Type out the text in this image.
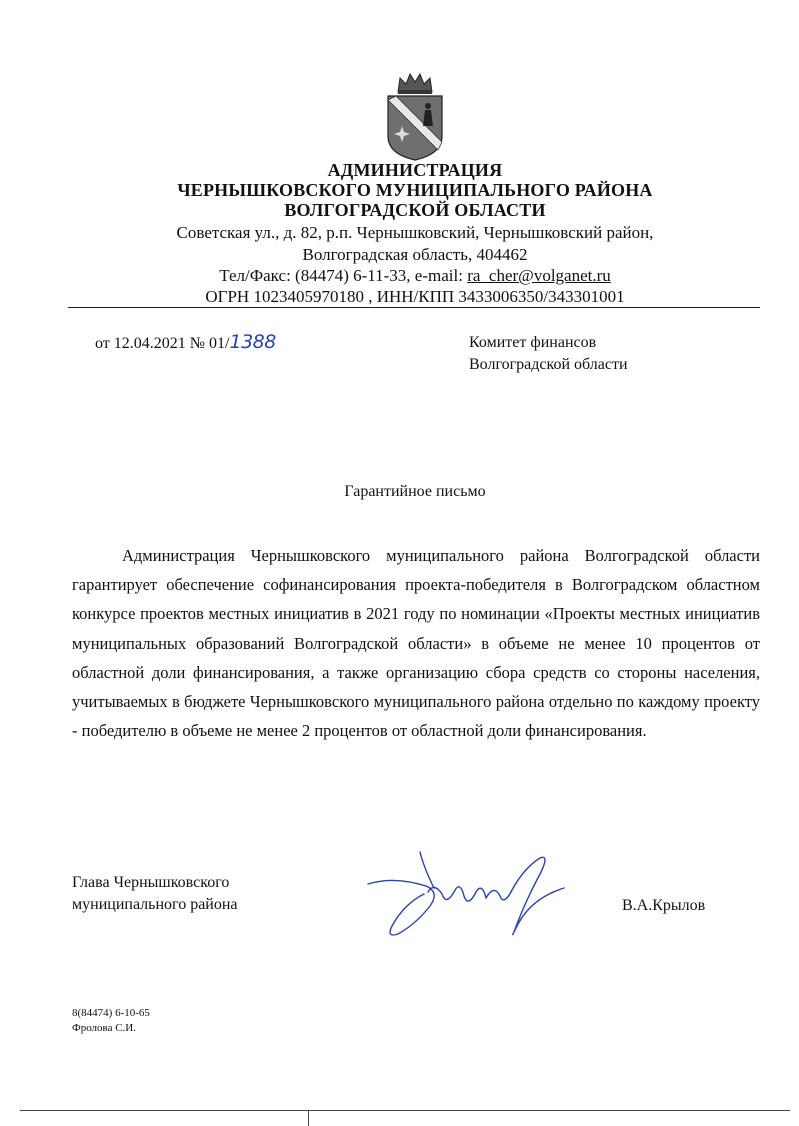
АДМИНИСТРАЦИЯ
ЧЕРНЫШКОВСКОГО МУНИЦИПАЛЬНОГО РАЙОНА
ВОЛГОГРАДСКОЙ ОБЛАСТИ
Советская ул., д. 82, р.п. Чернышковский, Чернышковский район,
Волгоградская область, 404462
Тел/Факс: (84474) 6-11-33, e-mail: ra_cher@volganet.ru
ОГРН 1023405970180 , ИНН/КПП 3433006350/343301001
от 12.04.2021 № 01/1388	Комитет финансов
Волгоградской области
Гарантийное письмо
Администрация Чернышковского муниципального района Волгоградской области гарантирует обеспечение софинансирования проекта-победителя в Волгоградском областном конкурсе проектов местных инициатив в 2021 году по номинации «Проекты местных инициатив муниципальных образований Волгоградской области» в объеме не менее 10 процентов от областной доли финансирования, а также организацию сбора средств со стороны населения, учитываемых в бюджете Чернышковского муниципального района отдельно по каждому проекту - победителю в объеме не менее 2 процентов от областной доли финансирования.
Глава Чернышковского
муниципального района	В.А.Крылов
8(84474) 6-10-65
Фролова С.И.
